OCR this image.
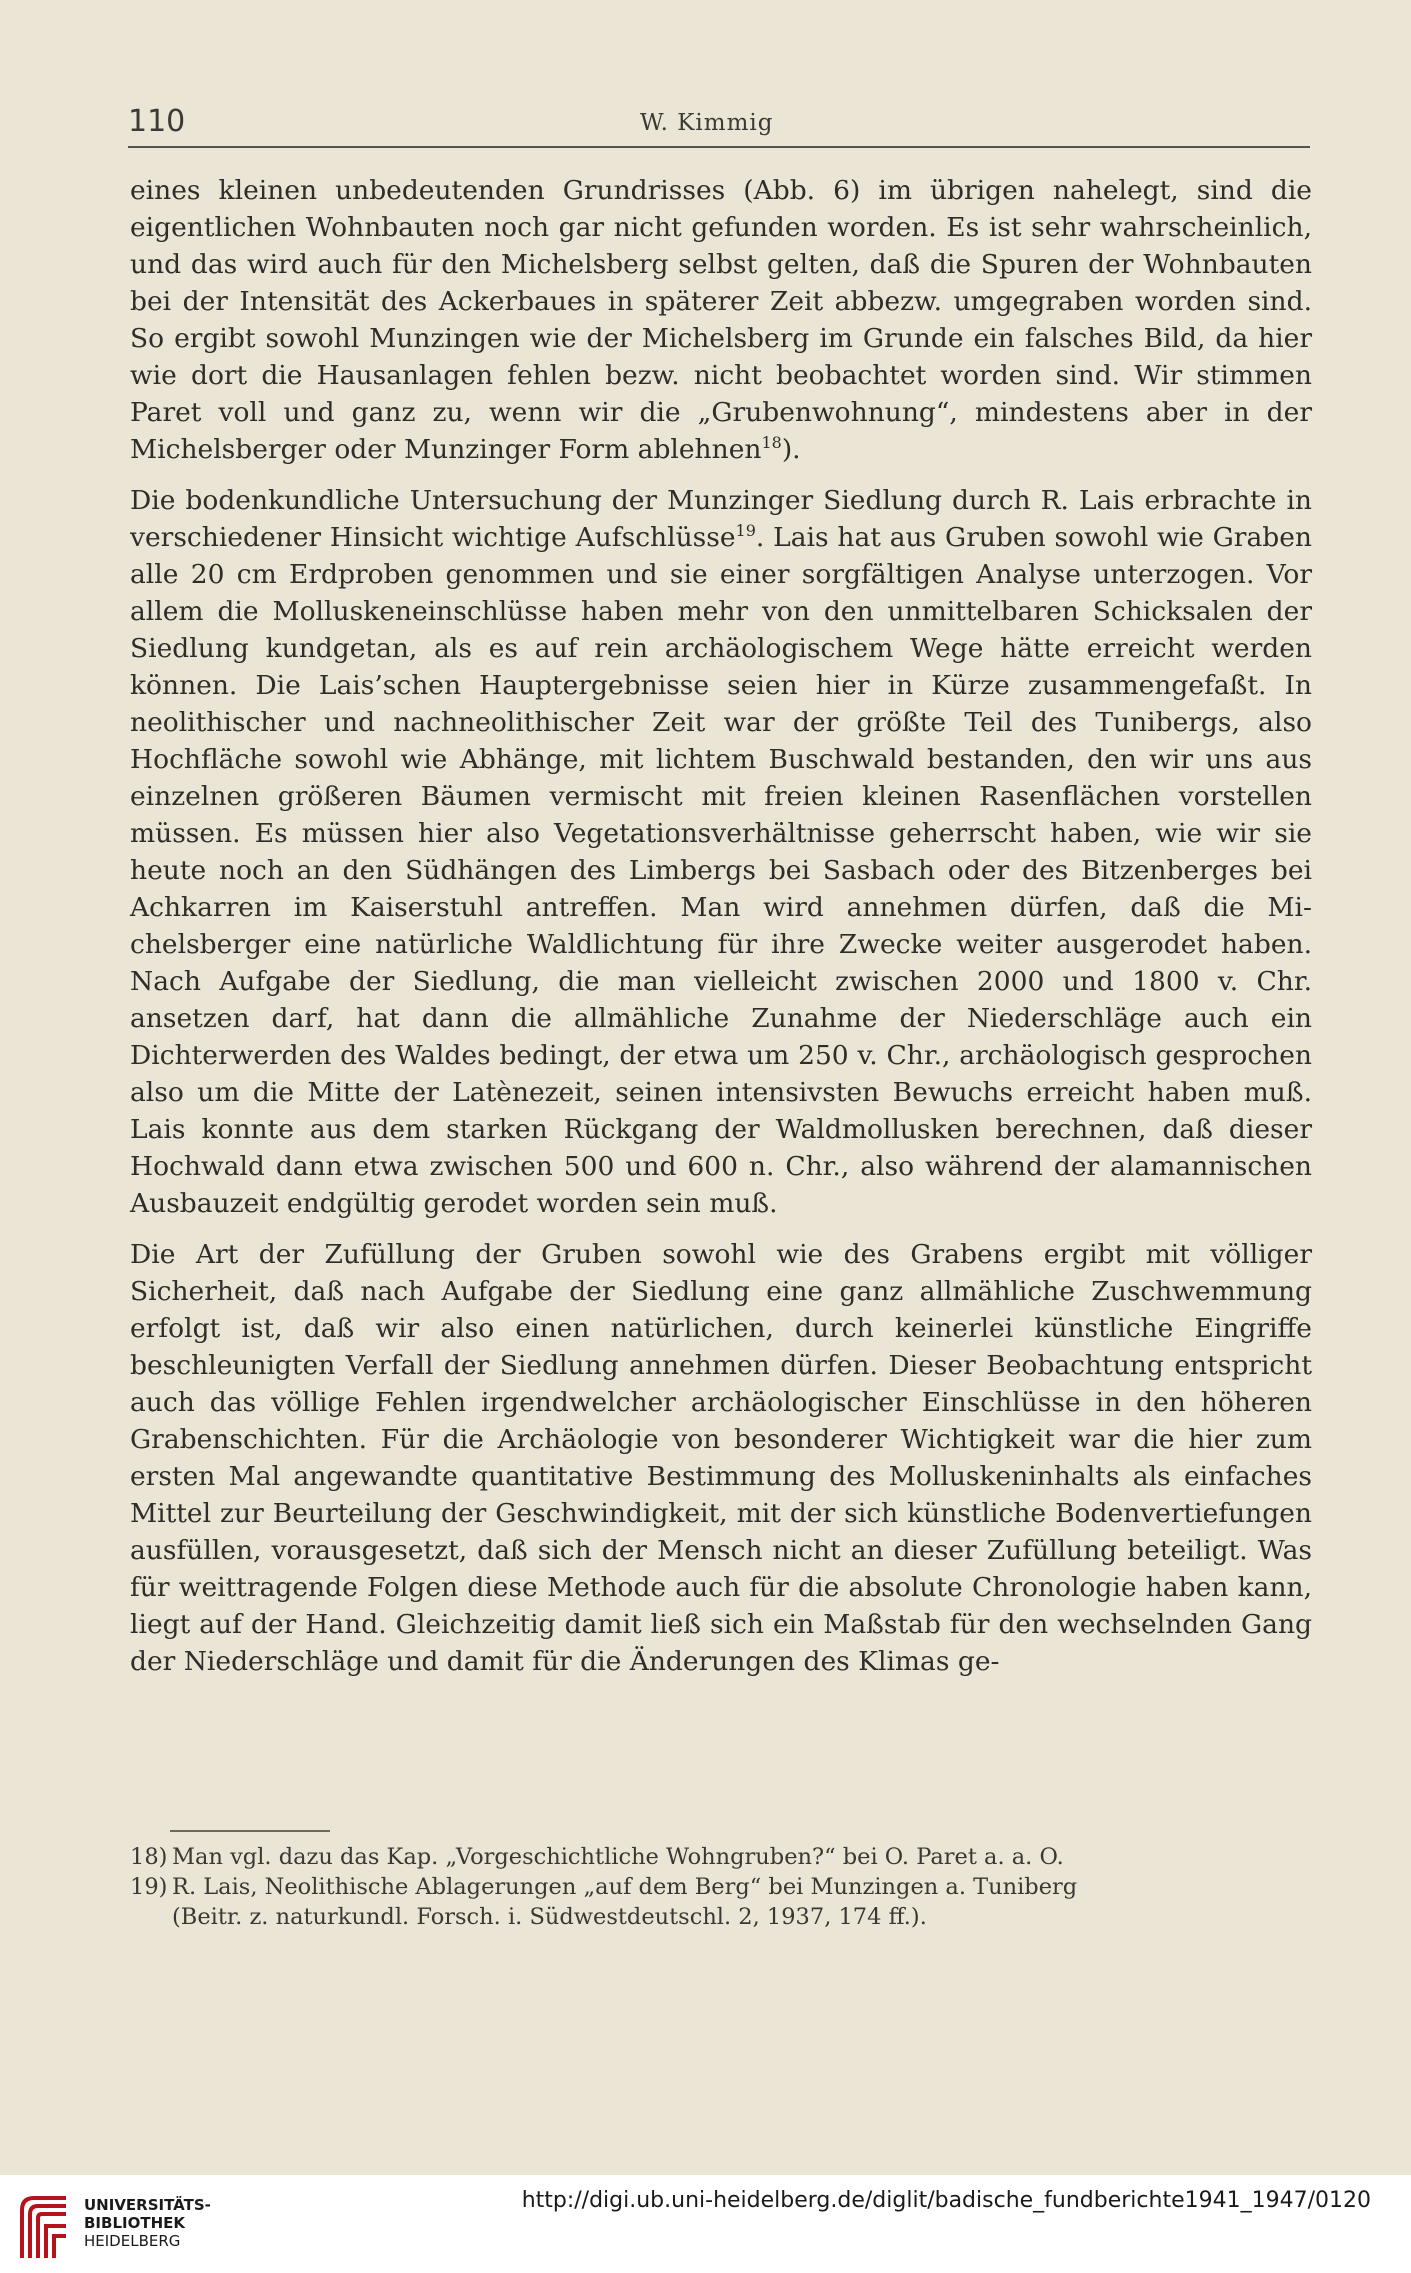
110	W. Kimmig

eines kleinen unbedeutenden Grundrisses (Abb. 6) im übrigen nahelegt, sind die eigentlichen Wohnbauten noch gar nicht gefunden worden. Es ist sehr wahrscheinlich, und das wird auch für den Michelsberg selbst gelten, daß die Spuren der Wohnbauten bei der Intensität des Ackerbaues in späterer Zeit abbezw. umgegraben worden sind. So ergibt sowohl Munzingen wie der Michelsberg im Grunde ein falsches Bild, da hier wie dort die Hausanlagen fehlen bezw. nicht beobachtet worden sind. Wir stimmen Paret voll und ganz zu, wenn wir die „Grubenwohnung“, mindestens aber in der Michelsberger oder Munzinger Form ablehnen$^{18}$).

Die bodenkundliche Untersuchung der Munzinger Siedlung durch R. Lais erbrachte in verschiedener Hinsicht wichtige Aufschlüsse$^{19}$. Lais hat aus Gruben sowohl wie Graben alle 20 cm Erdproben genommen und sie einer sorgfältigen Analyse unterzogen. Vor allem die Molluskeneinschlüsse haben mehr von den unmittelbaren Schicksalen der Siedlung kundgetan, als es auf rein archäologischem Wege hätte erreicht werden können. Die Lais’schen Hauptergebnisse seien hier in Kürze zusammengefaßt. In neolithischer und nachneolithischer Zeit war der größte Teil des Tunibergs, also Hochfläche sowohl wie Abhänge, mit lichtem Buschwald bestanden, den wir uns aus einzelnen größeren Bäumen vermischt mit freien kleinen Rasenflächen vorstellen müssen. Es müssen hier also Vegetationsverhältnisse geherrscht haben, wie wir sie heute noch an den Südhängen des Limbergs bei Sasbach oder des Bitzenberges bei Achkarren im Kaiserstuhl antreffen. Man wird annehmen dürfen, daß die Michelsberger eine natürliche Waldlichtung für ihre Zwecke weiter ausgerodet haben. Nach Aufgabe der Siedlung, die man vielleicht zwischen 2000 und 1800 v. Chr. ansetzen darf, hat dann die allmähliche Zunahme der Niederschläge auch ein Dichterwerden des Waldes bedingt, der etwa um 250 v. Chr., archäologisch gesprochen also um die Mitte der Latènezeit, seinen intensivsten Bewuchs erreicht haben muß. Lais konnte aus dem starken Rückgang der Waldmollusken berechnen, daß dieser Hochwald dann etwa zwischen 500 und 600 n. Chr., also während der alamannischen Ausbauzeit endgültig gerodet worden sein muß.

Die Art der Zufüllung der Gruben sowohl wie des Grabens ergibt mit völliger Sicherheit, daß nach Aufgabe der Siedlung eine ganz allmähliche Zuschwemmung erfolgt ist, daß wir also einen natürlichen, durch keinerlei künstliche Eingriffe beschleunigten Verfall der Siedlung annehmen dürfen. Dieser Beobachtung entspricht auch das völlige Fehlen irgendwelcher archäologischer Einschlüsse in den höheren Grabenschichten. Für die Archäologie von besonderer Wichtigkeit war die hier zum ersten Mal angewandte quantitative Bestimmung des Molluskeninhalts als einfaches Mittel zur Beurteilung der Geschwindigkeit, mit der sich künstliche Bodenvertiefungen ausfüllen, vorausgesetzt, daß sich der Mensch nicht an dieser Zufüllung beteiligt. Was für weittragende Folgen diese Methode auch für die absolute Chronologie haben kann, liegt auf der Hand. Gleichzeitig damit ließ sich ein Maßstab für den wechselnden Gang der Niederschläge und damit für die Änderungen des Klimas ge-

18) Man vgl. dazu das Kap. „Vorgeschichtliche Wohngruben?“ bei O. Paret a. a. O.
19) R. Lais, Neolithische Ablagerungen „auf dem Berg“ bei Munzingen a. Tuniberg
(Beitr. z. naturkundl. Forsch. i. Südwestdeutschl. 2, 1937, 174 ff.).
UNIVERSITÄTS-
BIBLIOTHEK
HEIDELBERG
http://digi.ub.uni-heidelberg.de/diglit/badische_fundberichte1941_1947/0120
